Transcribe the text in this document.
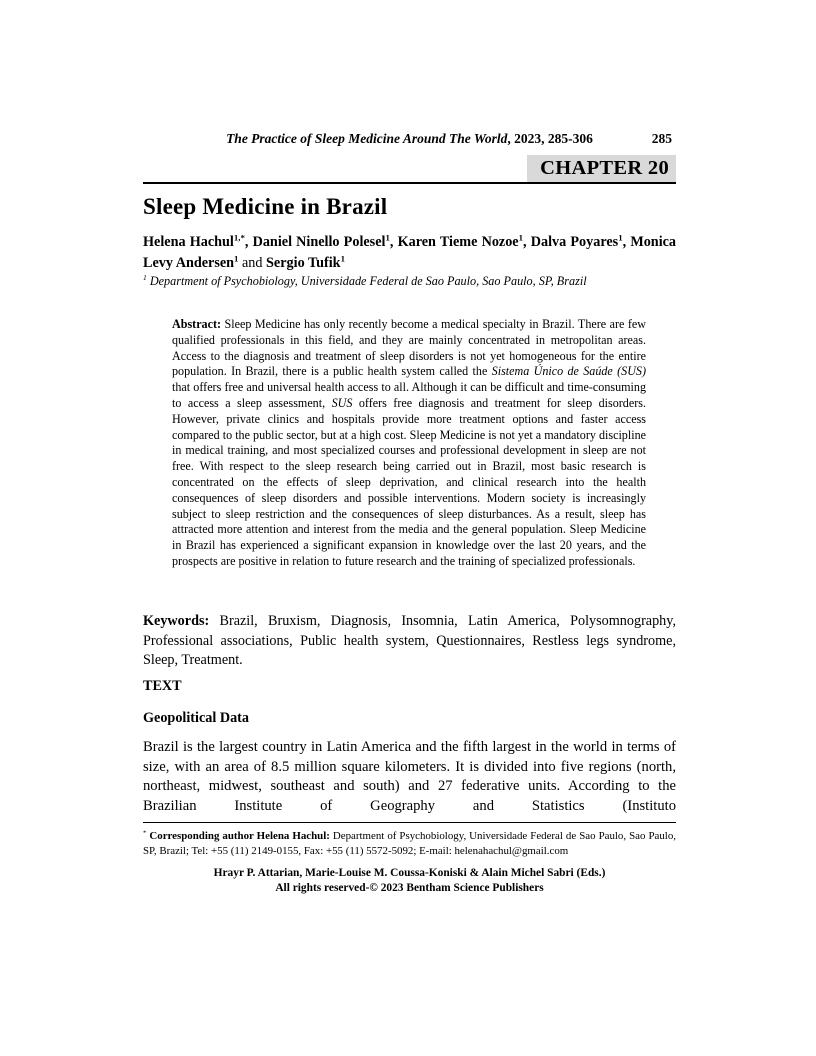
The Practice of Sleep Medicine Around The World, 2023, 285-306	285
CHAPTER 20
Sleep Medicine in Brazil
Helena Hachul$^{1,*}$, Daniel Ninello Polesel$^1$, Karen Tieme Nozoe$^1$, Dalva Poyares$^1$, Monica Levy Andersen$^1$ and Sergio Tufik$^1$
$^1$ Department of Psychobiology, Universidade Federal de Sao Paulo, Sao Paulo, SP, Brazil
Abstract: Sleep Medicine has only recently become a medical specialty in Brazil. There are few qualified professionals in this field, and they are mainly concentrated in metropolitan areas. Access to the diagnosis and treatment of sleep disorders is not yet homogeneous for the entire population. In Brazil, there is a public health system called the Sistema Único de Saúde (SUS) that offers free and universal health access to all. Although it can be difficult and time-consuming to access a sleep assessment, SUS offers free diagnosis and treatment for sleep disorders. However, private clinics and hospitals provide more treatment options and faster access compared to the public sector, but at a high cost. Sleep Medicine is not yet a mandatory discipline in medical training, and most specialized courses and professional development in sleep are not free. With respect to the sleep research being carried out in Brazil, most basic research is concentrated on the effects of sleep deprivation, and clinical research into the health consequences of sleep disorders and possible interventions. Modern society is increasingly subject to sleep restriction and the consequences of sleep disturbances. As a result, sleep has attracted more attention and interest from the media and the general population. Sleep Medicine in Brazil has experienced a significant expansion in knowledge over the last 20 years, and the prospects are positive in relation to future research and the training of specialized professionals.
Keywords: Brazil, Bruxism, Diagnosis, Insomnia, Latin America, Polysomnography, Professional associations, Public health system, Questionnaires, Restless legs syndrome, Sleep, Treatment.
TEXT
Geopolitical Data
Brazil is the largest country in Latin America and the fifth largest in the world in terms of size, with an area of 8.5 million square kilometers. It is divided into five regions (north, northeast, midwest, southeast and south) and 27 federative units. According to the Brazilian Institute of Geography and Statistics (Instituto
* Corresponding author Helena Hachul: Department of Psychobiology, Universidade Federal de Sao Paulo, Sao Paulo, SP, Brazil; Tel: +55 (11) 2149-0155, Fax: +55 (11) 5572-5092; E-mail: helenahachul@gmail.com
Hrayr P. Attarian, Marie-Louise M. Coussa-Koniski & Alain Michel Sabri (Eds.)
All rights reserved-© 2023 Bentham Science Publishers
